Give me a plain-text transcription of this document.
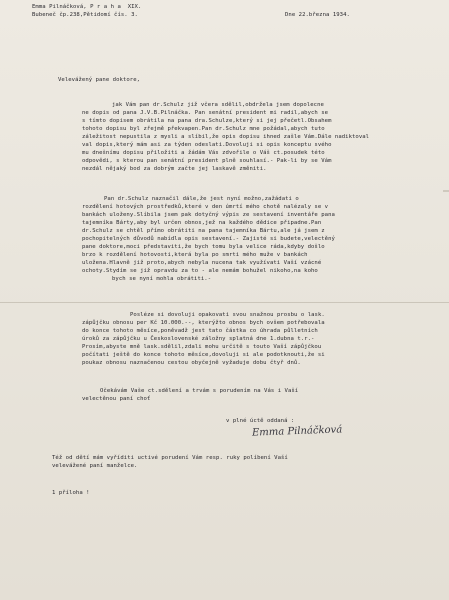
Emma Pilnáčková, P r a h a  XIX.
Bubeneč čp.238,Pětidomí čís. 3.	Dne 22.března 1934.
Velevážený pane doktore,
jak Vám pan dr.Schulz již včera sdělil,obdržela jsem dopolecne
ne dopis od pana J.V.B.Pilnáčka. Pan senátní president mi radil,abych se
s tímto dopisem obrátila na pana dra.Schulze,který si jej přečetl.Obsahem
tohoto dopisu byl zřejmě překvapen.Pan dr.Schulz mne požádal,abych tuto
záležitost nepustila z mysli a slíbil,že opis dopisu ihned zašle Vám.Dále nadiktoval
val dopis,který mám asi za týden odeslati.Dovoluji si opis konceptu svého
mu dnešnímu dopisu přiložiti a žádám Vás zdvořile o Váš ct.posudek této
odpovědi, s kterou pan senátní president plně souhlasí.- Pak-li by se Vám
nezdál nějaký bod za dobrým začte jej laskavě změniti.
Pan dr.Schulz naznačil dále,že jest nyní možno,zažádati o
rozdělení hotových prostředků,které v den úmrtí mého chotě nalézaly se v
bankách uloženy.Slíbila jsem pak dotyčný výpis ze sestavení inventáře pana
tajemníka Bárty,aby byl určen obnos,jež na každého dědice připadne.Pan
dr.Schulz se chtěl přímo obrátiti na pana tajemníka Bártu,ale já jsem z
pochopitelných důvodů nabídla opis sestavení.- Zajisté si budete,velectěný
pane doktore,moci představiti,že bych tomu byla velice ráda,kdyby došlo
brzo k rozdělení hotovosti,která byla po smrti mého muže v bankách
uložena.Hlavně již proto,abych nebyla nucena tak využívati Vaší vzácné
ochoty.Stydím se již opravdu za to - ale nemám bohužel nikoho,na koho
bych se nyní mohla obrátiti.-
Posléze si dovoluji opakovati svou snažnou prosbu o lask.
zápůjčku obnosu per Kč 10.000.--, kterýžto obnos bych ovšem potřebovala
do konce tohoto měsíce,poněvadž jest tato částka co úhrada půlletních
úroků za zápůjčku u Československé záložny splatná dne 1.dubna t.r.-
Prosím,abyste mně lask.sdělil,zdali mohu určitě s touto Vaší zápůjčkou
počítati ještě do konce tohoto měsíce,dovoluji si ale podotknouti,že si
poukaz obnosu naznačenou cestou obyčejně vyžaduje dobu čtyř dnů.
Očekávám Vaše ct.sdělení a trvám s porudením na Vás i Vaší
velectěnou paní choť
v plné úctě oddaná :
Emma Pilnáčková
Též od dětí mám vyříditi uctivé porudení Vám resp. ruky políbení Vaší
velevážené paní manželce.
1 příloha !
